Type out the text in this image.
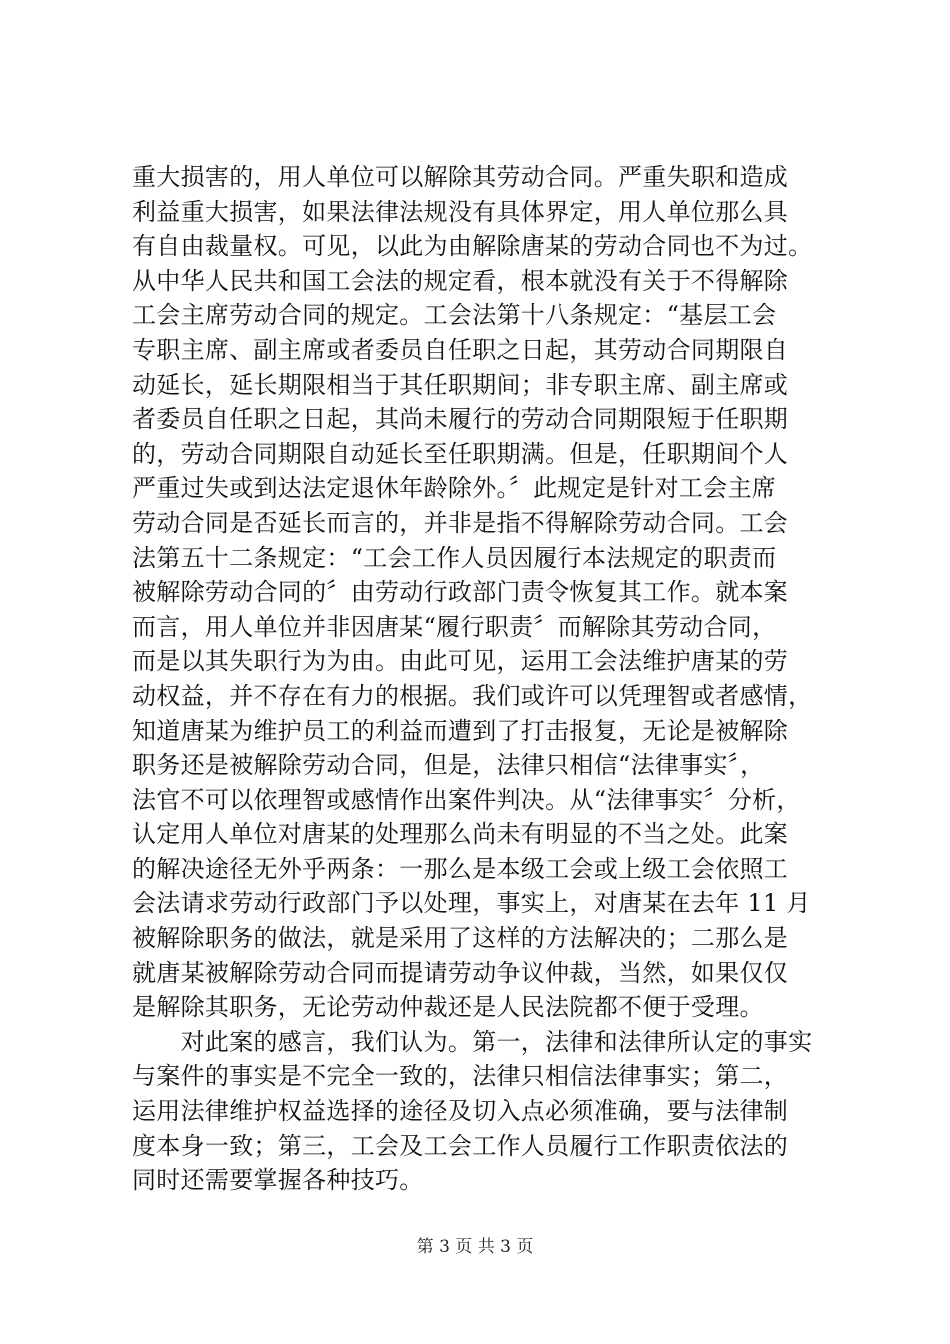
重大损害的，用人单位可以解除其劳动合同。严重失职和造成
利益重大损害，如果法律法规没有具体界定，用人单位那么具
有自由裁量权。可见，以此为由解除唐某的劳动合同也不为过。
从中华人民共和国工会法的规定看，根本就没有关于不得解除
工会主席劳动合同的规定。工会法第十八条规定：“基层工会
专职主席、副主席或者委员自任职之日起，其劳动合同期限自
动延长，延长期限相当于其任职期间；非专职主席、副主席或
者委员自任职之日起，其尚未履行的劳动合同期限短于任职期
的，劳动合同期限自动延长至任职期满。但是，任职期间个人
严重过失或到达法定退休年龄除外。〞此规定是针对工会主席
劳动合同是否延长而言的，并非是指不得解除劳动合同。工会
法第五十二条规定：“工会工作人员因履行本法规定的职责而
被解除劳动合同的〞由劳动行政部门责令恢复其工作。就本案
而言，用人单位并非因唐某“履行职责〞而解除其劳动合同，
而是以其失职行为为由。由此可见，运用工会法维护唐某的劳
动权益，并不存在有力的根据。我们或许可以凭理智或者感情，
知道唐某为维护员工的利益而遭到了打击报复，无论是被解除
职务还是被解除劳动合同，但是，法律只相信“法律事实〞，
法官不可以依理智或感情作出案件判决。从“法律事实〞分析，
认定用人单位对唐某的处理那么尚未有明显的不当之处。此案
的解决途径无外乎两条：一那么是本级工会或上级工会依照工
会法请求劳动行政部门予以处理，事实上，对唐某在去年 11 月
被解除职务的做法，就是采用了这样的方法解决的；二那么是
就唐某被解除劳动合同而提请劳动争议仲裁，当然，如果仅仅
是解除其职务，无论劳动仲裁还是人民法院都不便于受理。
　　对此案的感言，我们认为。第一，法律和法律所认定的事实
与案件的事实是不完全一致的，法律只相信法律事实；第二，
运用法律维护权益选择的途径及切入点必须准确，要与法律制
度本身一致；第三，工会及工会工作人员履行工作职责依法的
同时还需要掌握各种技巧。
第 3 页 共 3 页
